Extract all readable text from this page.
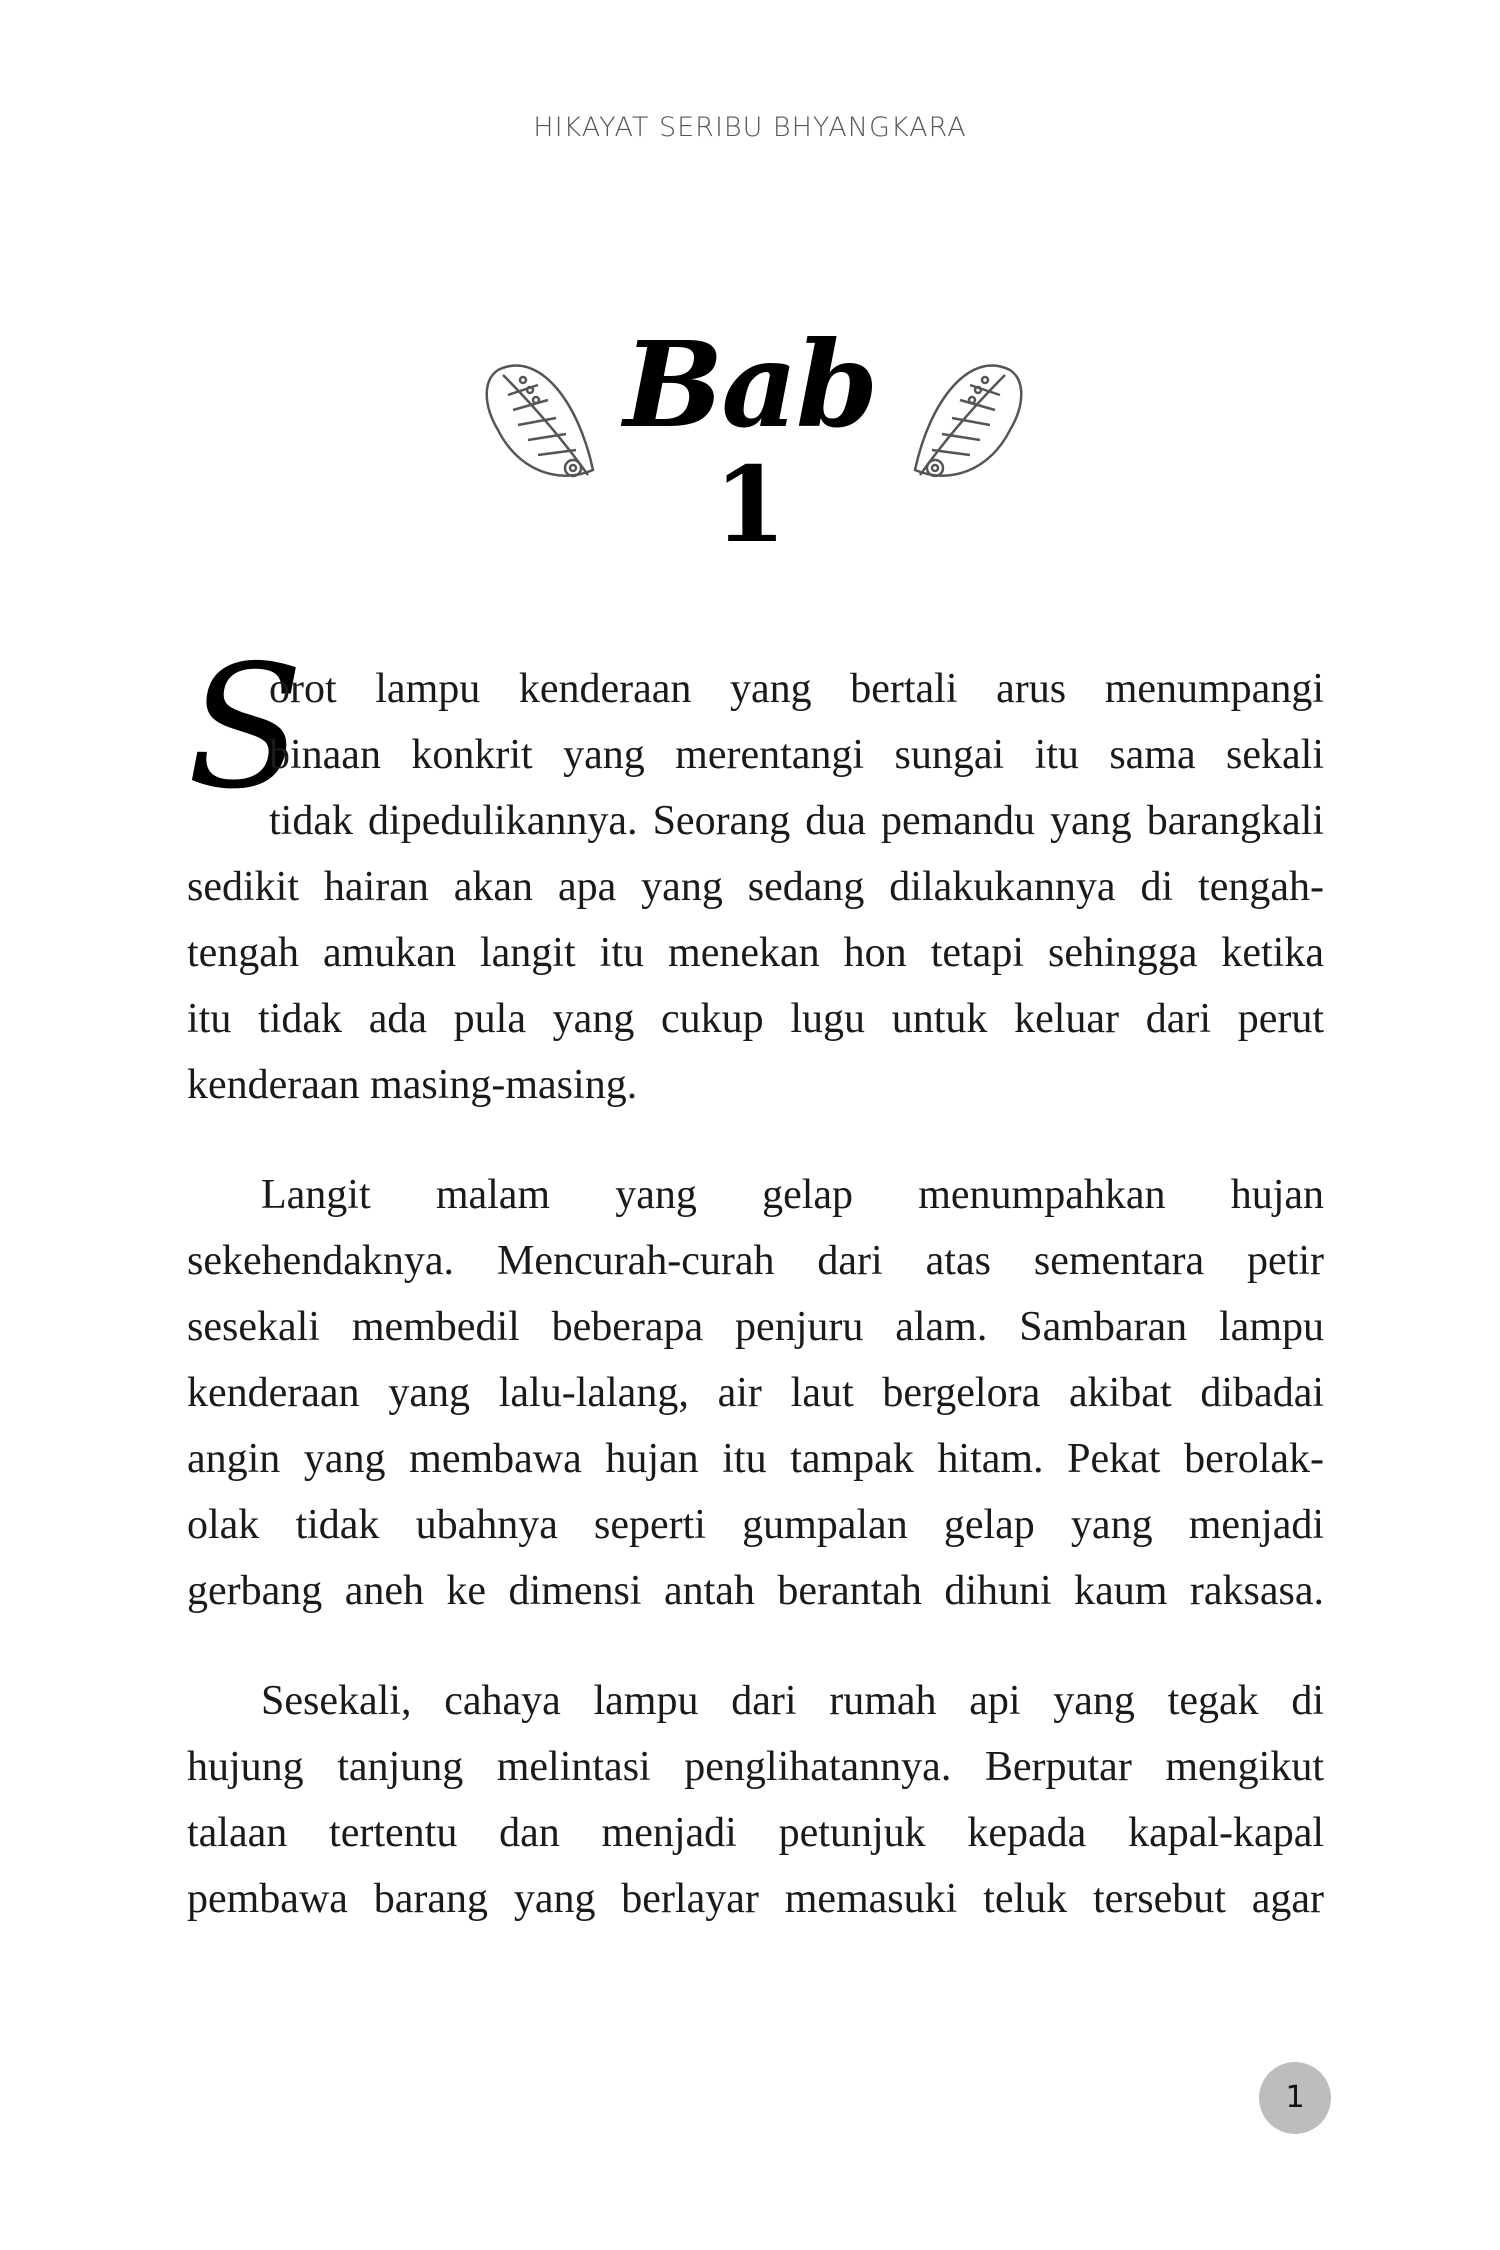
HIKAYAT SERIBU BHYANGKARA
Bab
1
S
orot lampu kenderaan yang bertali arus menumpangi
binaan konkrit yang merentangi sungai itu sama sekali
tidak dipedulikannya. Seorang dua pemandu yang barangkali
sedikit hairan akan apa yang sedang dilakukannya di tengah-
tengah amukan langit itu menekan hon tetapi sehingga ketika
itu tidak ada pula yang cukup lugu untuk keluar dari perut
kenderaan masing-masing.
Langit malam yang gelap menumpahkan hujan
sekehendaknya. Mencurah-curah dari atas sementara petir
sesekali membedil beberapa penjuru alam. Sambaran lampu
kenderaan yang lalu-lalang, air laut bergelora akibat dibadai
angin yang membawa hujan itu tampak hitam. Pekat berolak-
olak tidak ubahnya seperti gumpalan gelap yang menjadi
gerbang aneh ke dimensi antah berantah dihuni kaum raksasa.
Sesekali, cahaya lampu dari rumah api yang tegak di
hujung tanjung melintasi penglihatannya. Berputar mengikut
talaan tertentu dan menjadi petunjuk kepada kapal-kapal
pembawa barang yang berlayar memasuki teluk tersebut agar
1
